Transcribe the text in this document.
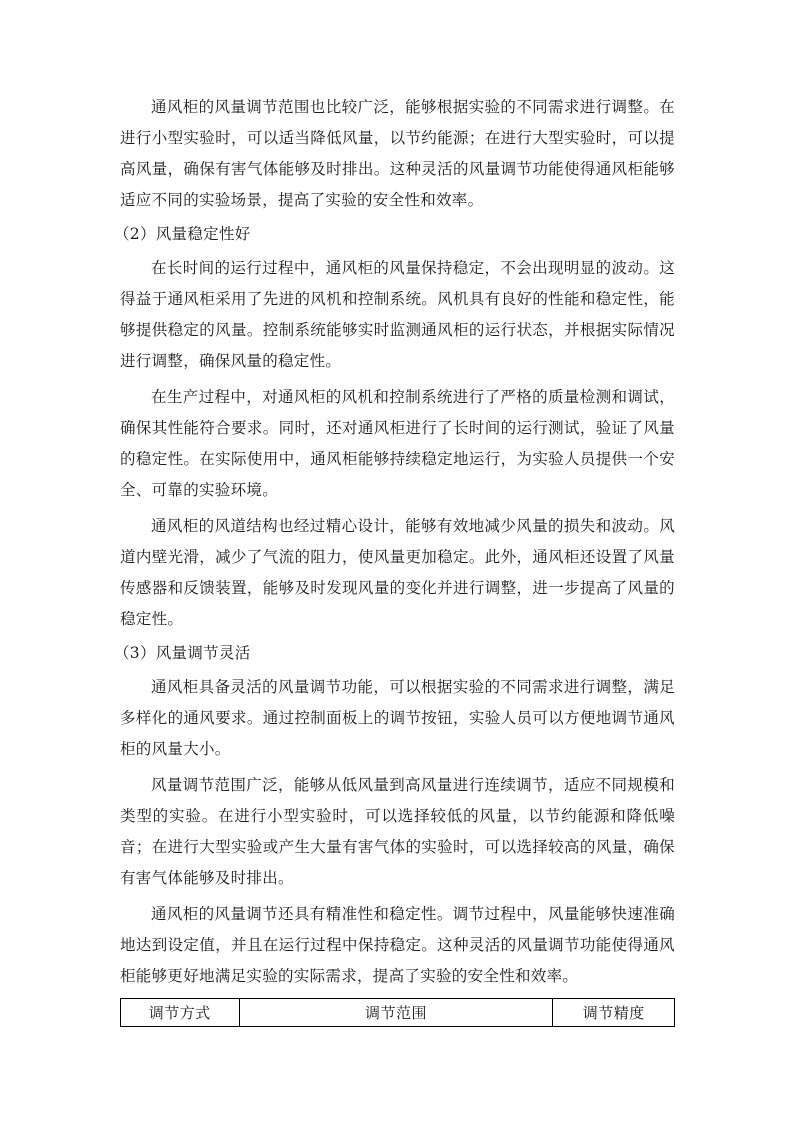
通风柜的风量调节范围也比较广泛，能够根据实验的不同需求进行调整。在进行小型实验时，可以适当降低风量，以节约能源；在进行大型实验时，可以提高风量，确保有害气体能够及时排出。这种灵活的风量调节功能使得通风柜能够适应不同的实验场景，提高了实验的安全性和效率。

（2）风量稳定性好

在长时间的运行过程中，通风柜的风量保持稳定，不会出现明显的波动。这得益于通风柜采用了先进的风机和控制系统。风机具有良好的性能和稳定性，能够提供稳定的风量。控制系统能够实时监测通风柜的运行状态，并根据实际情况进行调整，确保风量的稳定性。

在生产过程中，对通风柜的风机和控制系统进行了严格的质量检测和调试，确保其性能符合要求。同时，还对通风柜进行了长时间的运行测试，验证了风量的稳定性。在实际使用中，通风柜能够持续稳定地运行，为实验人员提供一个安全、可靠的实验环境。

通风柜的风道结构也经过精心设计，能够有效地减少风量的损失和波动。风道内壁光滑，减少了气流的阻力，使风量更加稳定。此外，通风柜还设置了风量传感器和反馈装置，能够及时发现风量的变化并进行调整，进一步提高了风量的稳定性。

（3）风量调节灵活

通风柜具备灵活的风量调节功能，可以根据实验的不同需求进行调整，满足多样化的通风要求。通过控制面板上的调节按钮，实验人员可以方便地调节通风柜的风量大小。

风量调节范围广泛，能够从低风量到高风量进行连续调节，适应不同规模和类型的实验。在进行小型实验时，可以选择较低的风量，以节约能源和降低噪音；在进行大型实验或产生大量有害气体的实验时，可以选择较高的风量，确保有害气体能够及时排出。

通风柜的风量调节还具有精准性和稳定性。调节过程中，风量能够快速准确地达到设定值，并且在运行过程中保持稳定。这种灵活的风量调节功能使得通风柜能够更好地满足实验的实际需求，提高了实验的安全性和效率。

调节方式	调节范围	调节精度
